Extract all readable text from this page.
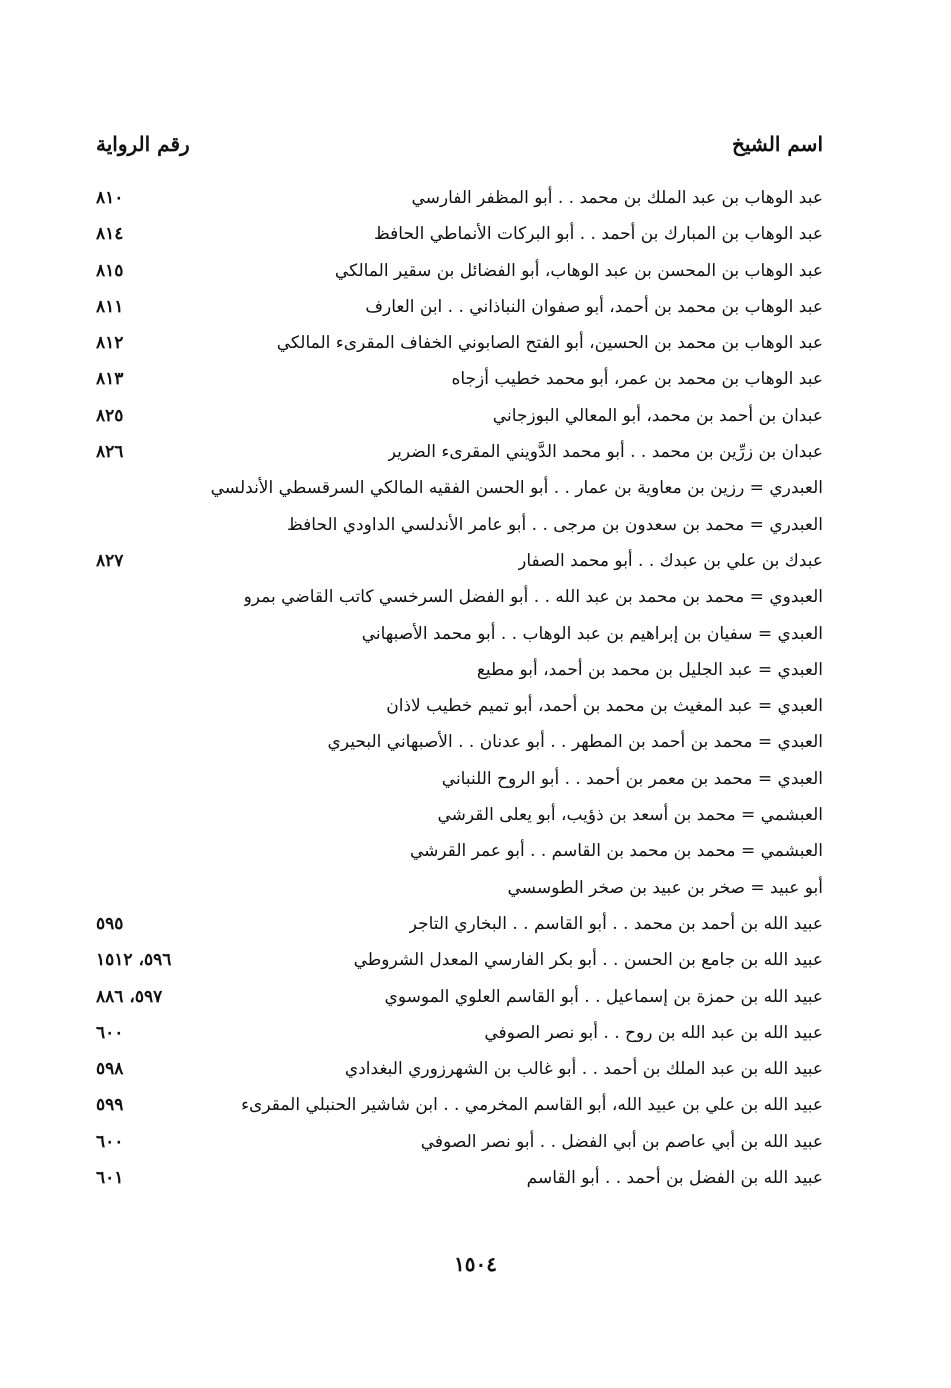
اسم الشيخ
رقم الرواية
عبد الوهاب بن عبد الملك بن محمد . . أبو المظفر الفارسي
٨١٠
عبد الوهاب بن المبارك بن أحمد . . أبو البركات الأنماطي الحافظ
٨١٤
عبد الوهاب بن المحسن بن عبد الوهاب، أبو الفضائل بن سقير المالكي
٨١٥
عبد الوهاب بن محمد بن أحمد، أبو صفوان النباذاني . . ابن العارف
٨١١
عبد الوهاب بن محمد بن الحسين، أبو الفتح الصابوني الخفاف المقرىء المالكي
٨١٢
عبد الوهاب بن محمد بن عمر، أبو محمد خطيب أزجاه
٨١٣
عبدان بن أحمد بن محمد، أبو المعالي البوزجاني
٨٢٥
عبدان بن زرِّين بن محمد . . أبو محمد الدَّويني المقرىء الضرير
٨٢٦
العبدري = رزين بن معاوية بن عمار . . أبو الحسن الفقيه المالكي السرقسطي الأندلسي
العبدري = محمد بن سعدون بن مرجى . . أبو عامر الأندلسي الداودي الحافظ
عبدك بن علي بن عبدك . . أبو محمد الصفار
٨٢٧
العبدوي = محمد بن محمد بن عبد الله . . أبو الفضل السرخسي كاتب القاضي بمرو
العبدي = سفيان بن إبراهيم بن عبد الوهاب . . أبو محمد الأصبهاني
العبدي = عبد الجليل بن محمد بن أحمد، أبو مطيع
العبدي = عبد المغيث بن محمد بن أحمد، أبو تميم خطيب لاذان
العبدي = محمد بن أحمد بن المطهر . . أبو عدنان . . الأصبهاني البحيري
العبدي = محمد بن معمر بن أحمد . . أبو الروح اللنباني
العبشمي = محمد بن أسعد بن ذؤيب، أبو يعلى القرشي
العبشمي = محمد بن محمد بن القاسم . . أبو عمر القرشي
أبو عبيد = صخر بن عبيد بن صخر الطوسسي
عبيد الله بن أحمد بن محمد . . أبو القاسم . . البخاري التاجر
٥٩٥
عبيد الله بن جامع بن الحسن . . أبو بكر الفارسي المعدل الشروطي
٥٩٦، ١٥١٢
عبيد الله بن حمزة بن إسماعيل . . أبو القاسم العلوي الموسوي
٥٩٧، ٨٨٦
عبيد الله بن عبد الله بن روح . . أبو نصر الصوفي
٦٠٠
عبيد الله بن عبد الملك بن أحمد . . أبو غالب بن الشهرزوري البغدادي
٥٩٨
عبيد الله بن علي بن عبيد الله، أبو القاسم المخرمي . . ابن شاشير الحنبلي المقرىء
٥٩٩
عبيد الله بن أبي عاصم بن أبي الفضل . . أبو نصر الصوفي
٦٠٠
عبيد الله بن الفضل بن أحمد . . أبو القاسم
٦٠١
١٥٠٤
